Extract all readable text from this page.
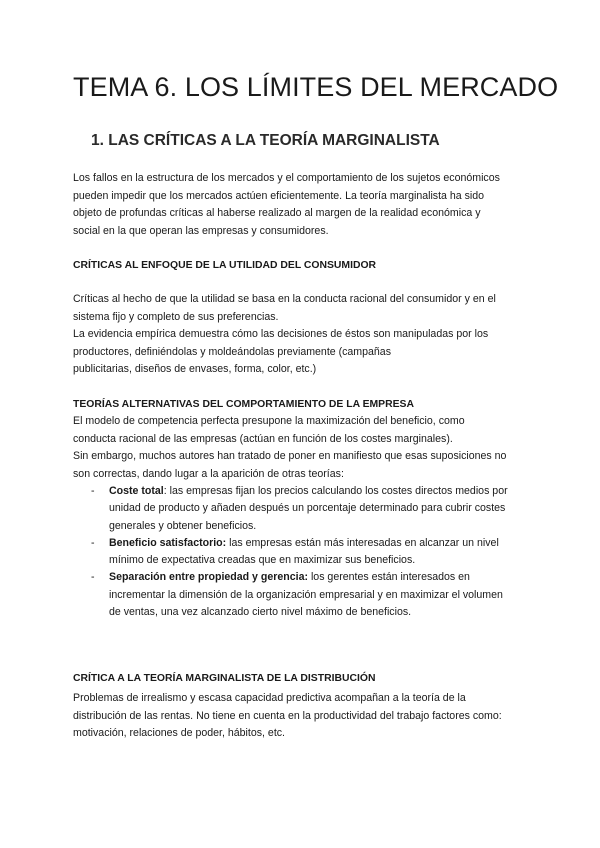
TEMA 6. LOS LÍMITES DEL MERCADO
1. LAS CRÍTICAS A LA TEORÍA MARGINALISTA

Los fallos en la estructura de los mercados y el comportamiento de los sujetos económicos
pueden impedir que los mercados actúen eficientemente. La teoría marginalista ha sido
objeto de profundas críticas al haberse realizado al margen de la realidad económica y
social en la que operan las empresas y consumidores.

CRÍTICAS AL ENFOQUE DE LA UTILIDAD DEL CONSUMIDOR

Críticas al hecho de que la utilidad se basa en la conducta racional del consumidor y en el
sistema fijo y completo de sus preferencias.
La evidencia empírica demuestra cómo las decisiones de éstos son manipuladas por los
productores, definiéndolas y moldeándolas previamente (campañas
publicitarias, diseños de envases, forma, color, etc.)

TEORÍAS ALTERNATIVAS DEL COMPORTAMIENTO DE LA EMPRESA

El modelo de competencia perfecta presupone la maximización del beneficio, como
conducta racional de las empresas (actúan en función de los costes marginales).
Sin embargo, muchos autores han tratado de poner en manifiesto que esas suposiciones no
son correctas, dando lugar a la aparición de otras teorías:

- Coste total: las empresas fijan los precios calculando los costes directos medios por
unidad de producto y añaden después un porcentaje determinado para cubrir costes
generales y obtener beneficios.
- Beneficio satisfactorio: las empresas están más interesadas en alcanzar un nivel
mínimo de expectativa creadas que en maximizar sus beneficios.
- Separación entre propiedad y gerencia: los gerentes están interesados en
incrementar la dimensión de la organización empresarial y en maximizar el volumen
de ventas, una vez alcanzado cierto nivel máximo de beneficios.
CRÍTICA A LA TEORÍA MARGINALISTA DE LA DISTRIBUCIÓN

Problemas de irrealismo y escasa capacidad predictiva acompañan a la teoría de la
distribución de las rentas. No tiene en cuenta en la productividad del trabajo factores como:
motivación, relaciones de poder, hábitos, etc.
